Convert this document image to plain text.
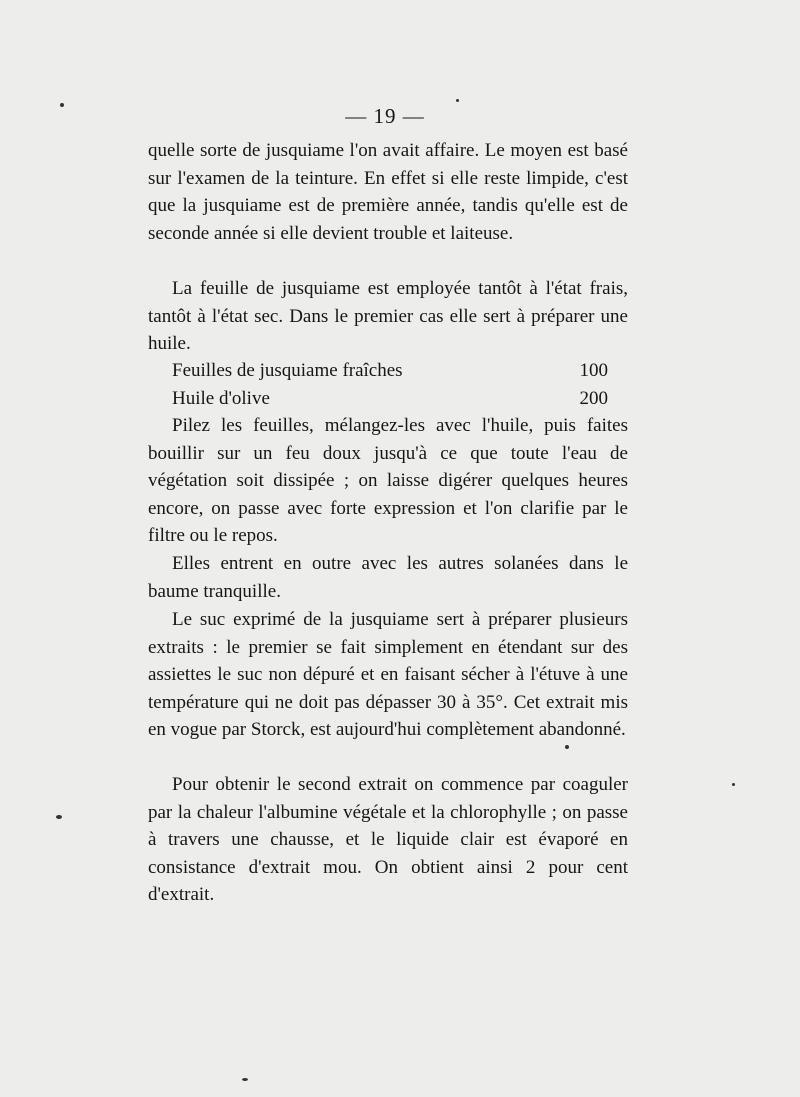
— 19 —

quelle sorte de jusquiame l'on avait affaire. Le moyen est basé sur l'examen de la teinture. En effet si elle reste limpide, c'est que la jusquiame est de première année, tandis qu'elle est de seconde année si elle devient trouble et laiteuse.

La feuille de jusquiame est employée tantôt à l'état frais, tantôt à l'état sec. Dans le premier cas elle sert à préparer une huile.

Feuilles de jusquiame fraîches	100
Huile d'olive	200

Pilez les feuilles, mélangez-les avec l'huile, puis faites bouillir sur un feu doux jusqu'à ce que toute l'eau de végétation soit dissipée ; on laisse digérer quelques heures encore, on passe avec forte expression et l'on clarifie par le filtre ou le repos.

Elles entrent en outre avec les autres solanées dans le baume tranquille.

Le suc exprimé de la jusquiame sert à préparer plusieurs extraits : le premier se fait simplement en étendant sur des assiettes le suc non dépuré et en faisant sécher à l'étuve à une température qui ne doit pas dépasser 30 à 35°. Cet extrait mis en vogue par Storck, est aujourd'hui complètement abandonné.

Pour obtenir le second extrait on commence par coaguler par la chaleur l'albumine végétale et la chlorophylle ; on passe à travers une chausse, et le liquide clair est évaporé en consistance d'extrait mou. On obtient ainsi 2 pour cent d'extrait.
